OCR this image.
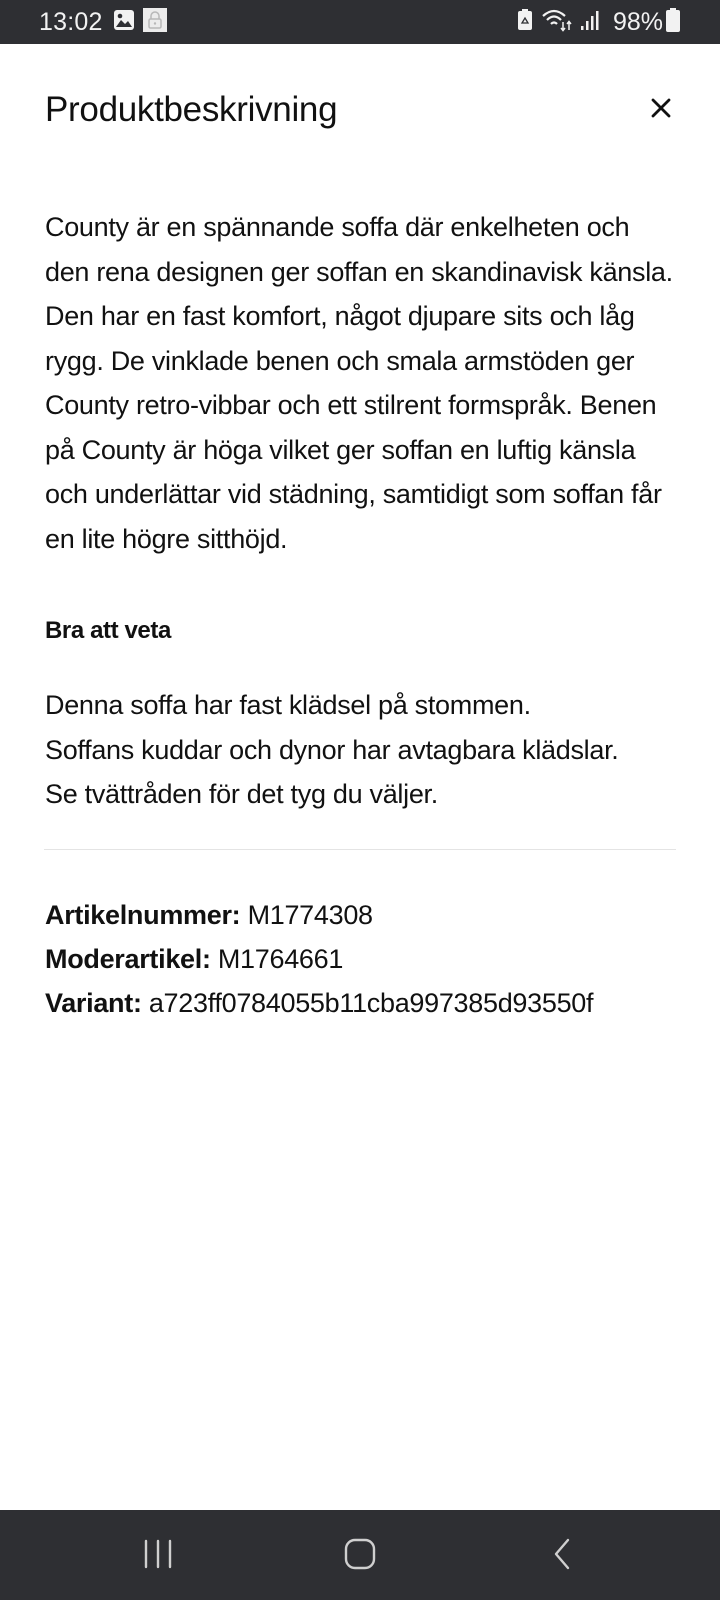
13:02	98%
Produktbeskrivning

County är en spännande soffa där enkelheten och den rena designen ger soffan en skandinavisk känsla. Den har en fast komfort, något djupare sits och låg rygg. De vinklade benen och smala armstöden ger County retro-vibbar och ett stilrent formspråk. Benen på County är höga vilket ger soffan en luftig känsla och underlättar vid städning, samtidigt som soffan får en lite högre sitthöjd.

Bra att veta
Denna soffa har fast klädsel på stommen.
Soffans kuddar och dynor har avtagbara klädslar.
Se tvättråden för det tyg du väljer.
Artikelnummer: M1774308
Moderartikel: M1764661
Variant: a723ff0784055b11cba997385d93550f
